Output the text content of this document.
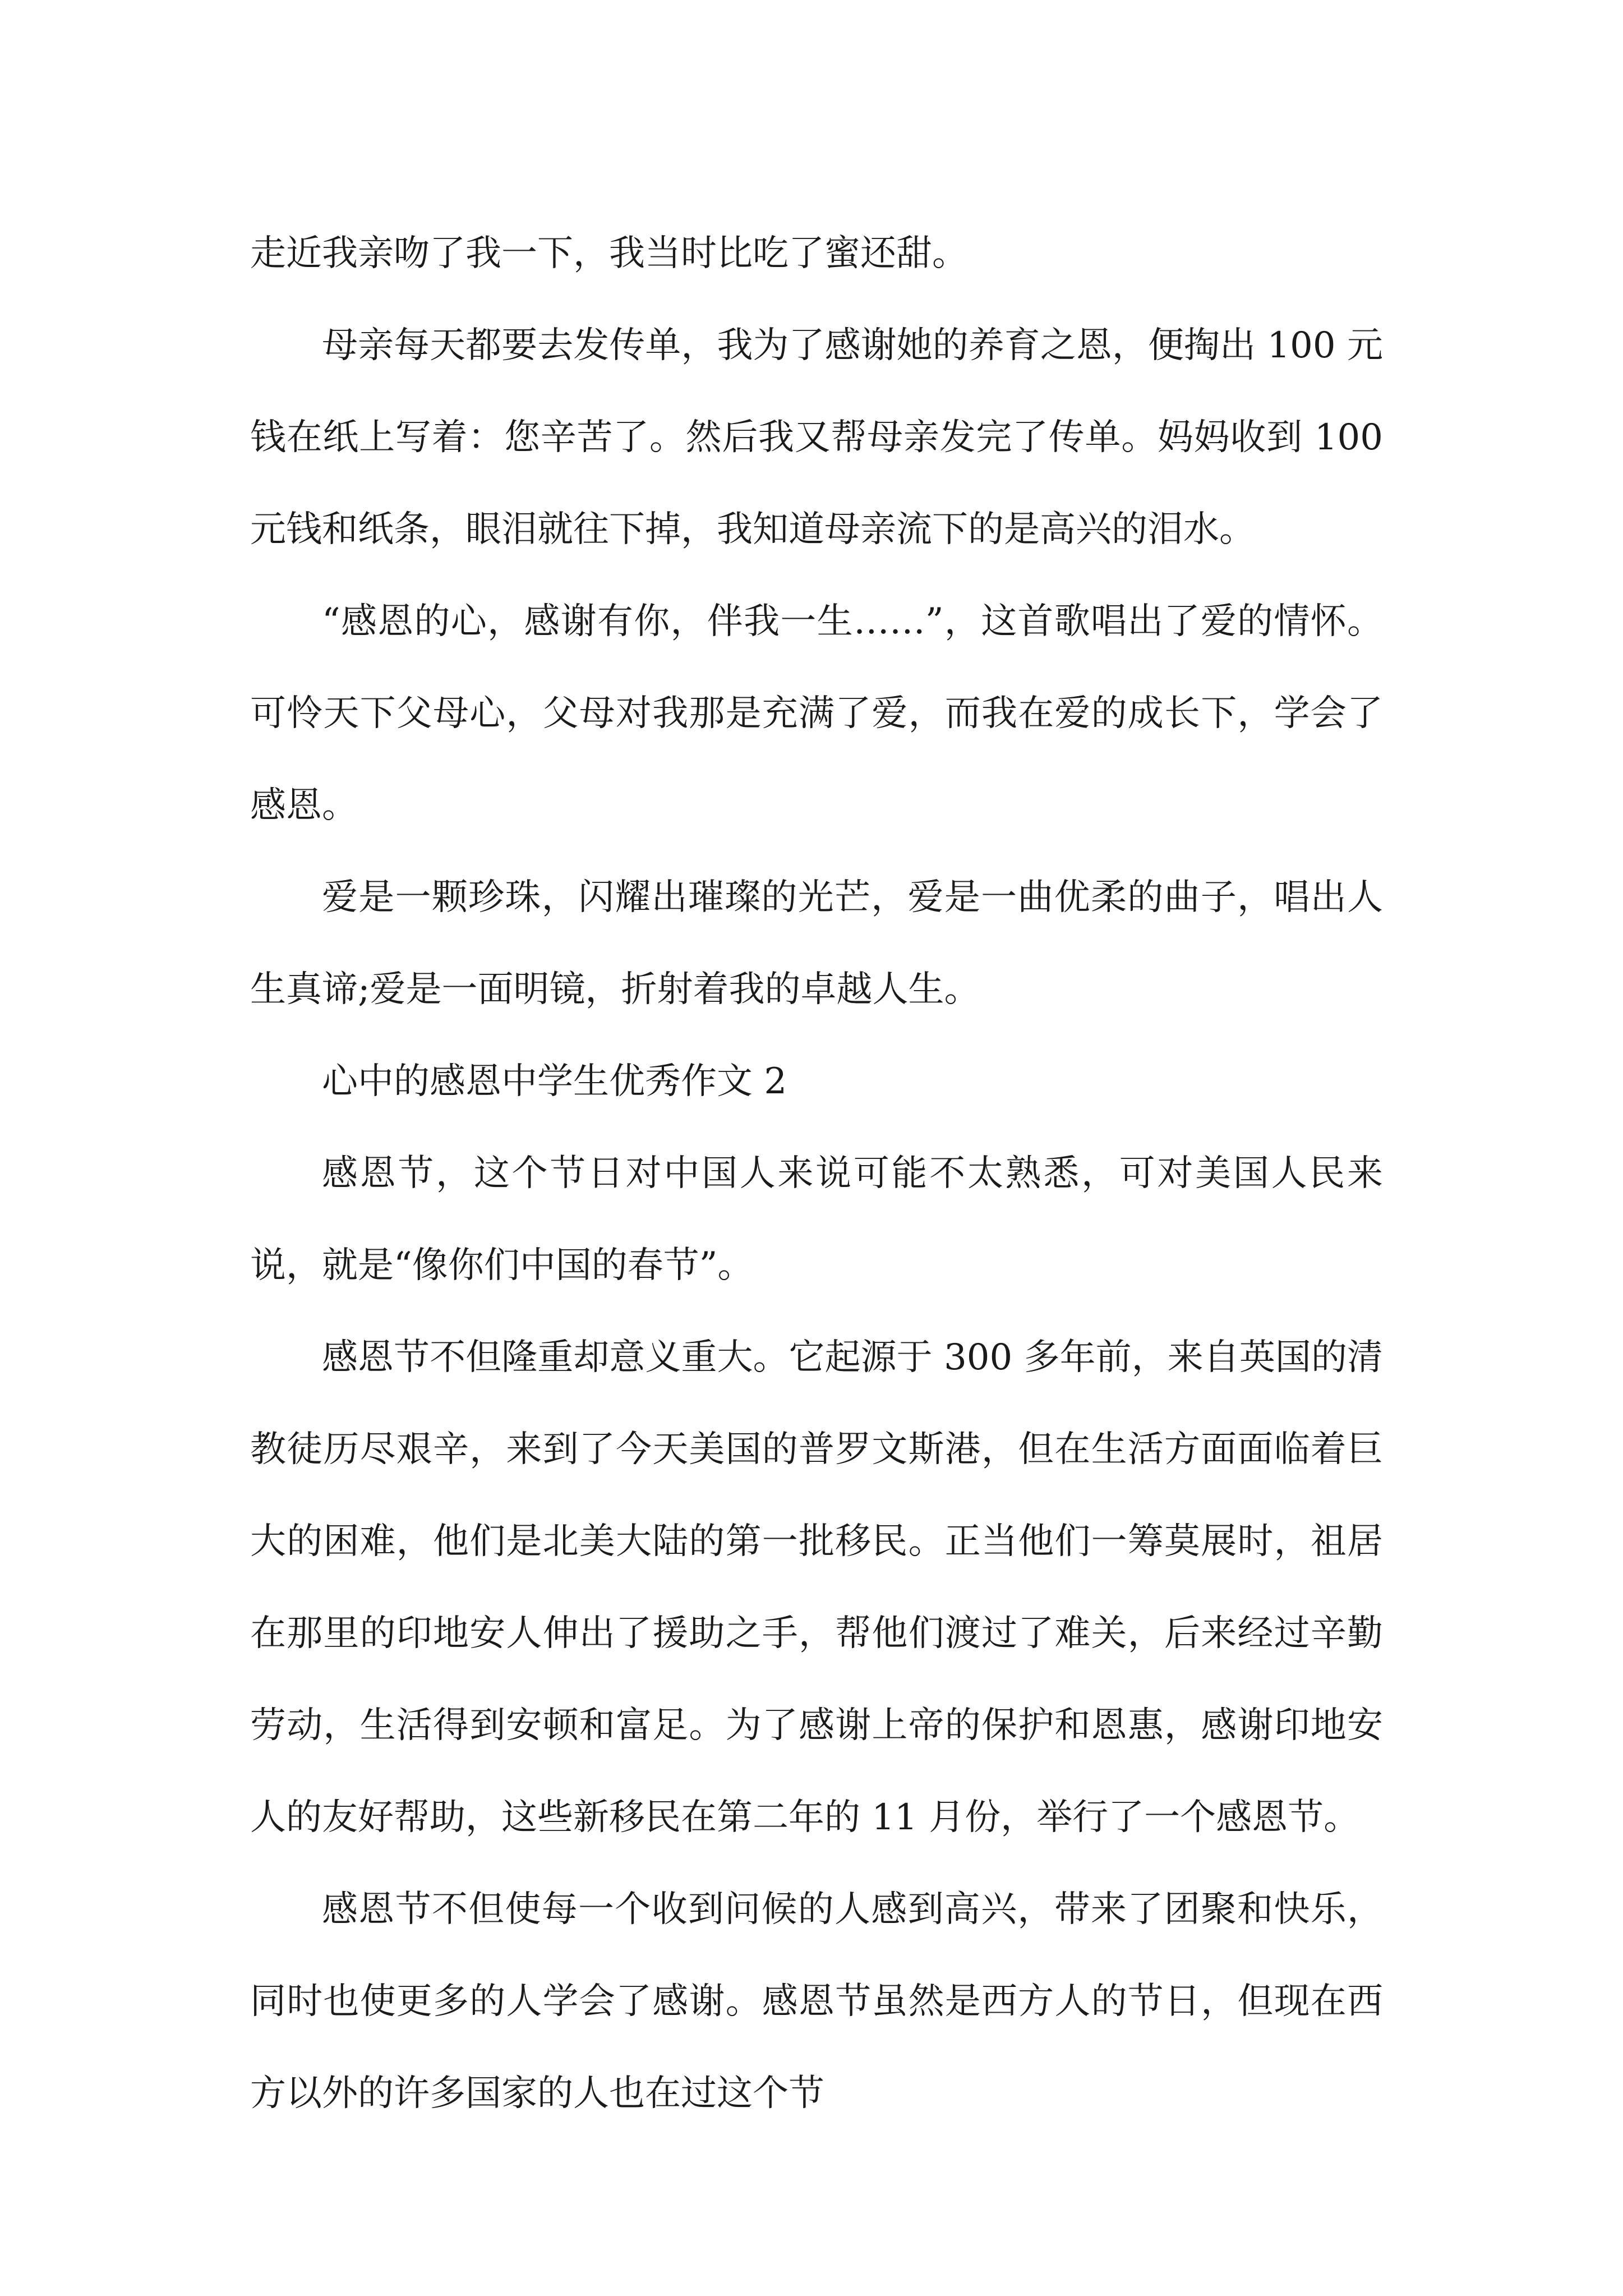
走近我亲吻了我一下，我当时比吃了蜜还甜。

母亲每天都要去发传单，我为了感谢她的养育之恩，便掏出 100 元钱在纸上写着：您辛苦了。然后我又帮母亲发完了传单。妈妈收到 100 元钱和纸条，眼泪就往下掉，我知道母亲流下的是高兴的泪水。

“感恩的心，感谢有你，伴我一生……”，这首歌唱出了爱的情怀。可怜天下父母心，父母对我那是充满了爱，而我在爱的成长下，学会了感恩。

爱是一颗珍珠，闪耀出璀璨的光芒，爱是一曲优柔的曲子，唱出人生真谛;爱是一面明镜，折射着我的卓越人生。

心中的感恩中学生优秀作文 2

感恩节，这个节日对中国人来说可能不太熟悉，可对美国人民来说，就是“像你们中国的春节”。

感恩节不但隆重却意义重大。它起源于 300 多年前，来自英国的清教徒历尽艰辛，来到了今天美国的普罗文斯港，但在生活方面面临着巨大的困难，他们是北美大陆的第一批移民。正当他们一筹莫展时，祖居在那里的印地安人伸出了援助之手，帮他们渡过了难关，后来经过辛勤劳动，生活得到安顿和富足。为了感谢上帝的保护和恩惠，感谢印地安人的友好帮助，这些新移民在第二年的 11 月份，举行了一个感恩节。

感恩节不但使每一个收到问候的人感到高兴，带来了团聚和快乐，同时也使更多的人学会了感谢。感恩节虽然是西方人的节日，但现在西方以外的许多国家的人也在过这个节
